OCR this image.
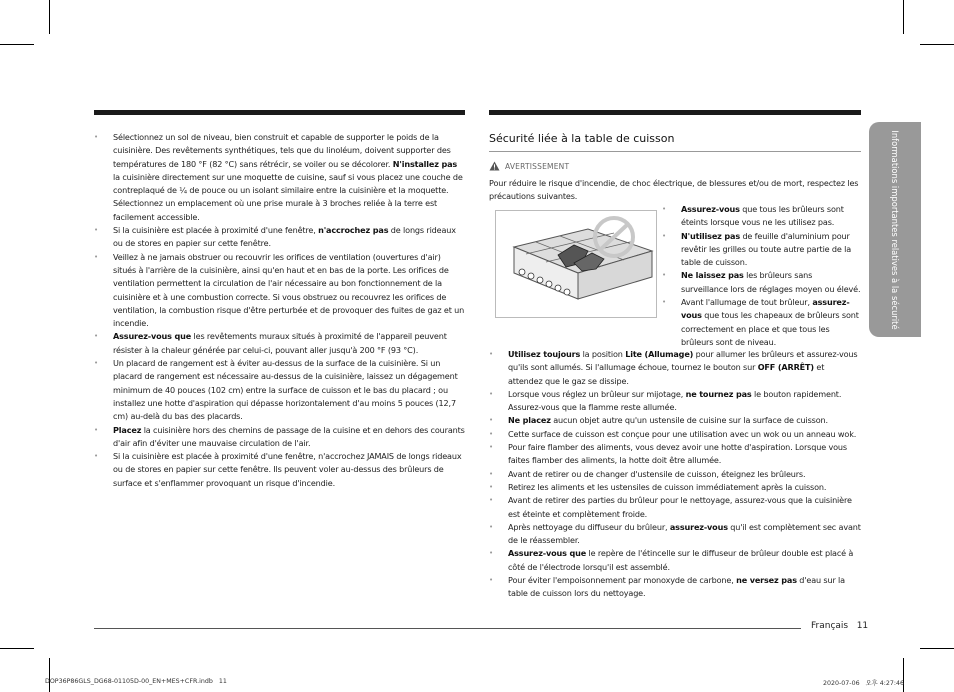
• Sélectionnez un sol de niveau, bien construit et capable de supporter le poids de la cuisinière. Des revêtements synthétiques, tels que du linoléum, doivent supporter des températures de 180 °F (82 °C) sans rétrécir, se voiler ou se décolorer. N'installez pas la cuisinière directement sur une moquette de cuisine, sauf si vous placez une couche de contreplaqué de ¼ de pouce ou un isolant similaire entre la cuisinière et la moquette. Sélectionnez un emplacement où une prise murale à 3 broches reliée à la terre est facilement accessible.
• Si la cuisinière est placée à proximité d'une fenêtre, n'accrochez pas de longs rideaux ou de stores en papier sur cette fenêtre.
• Veillez à ne jamais obstruer ou recouvrir les orifices de ventilation (ouvertures d'air) situés à l'arrière de la cuisinière, ainsi qu'en haut et en bas de la porte. Les orifices de ventilation permettent la circulation de l'air nécessaire au bon fonctionnement de la cuisinière et à une combustion correcte. Si vous obstruez ou recouvrez les orifices de ventilation, la combustion risque d'être perturbée et de provoquer des fuites de gaz et un incendie.
• Assurez-vous que les revêtements muraux situés à proximité de l'appareil peuvent résister à la chaleur générée par celui-ci, pouvant aller jusqu'à 200 °F (93 °C).
• Un placard de rangement est à éviter au-dessus de la surface de la cuisinière. Si un placard de rangement est nécessaire au-dessus de la cuisinière, laissez un dégagement minimum de 40 pouces (102 cm) entre la surface de cuisson et le bas du placard ; ou installez une hotte d'aspiration qui dépasse horizontalement d'au moins 5 pouces (12,7 cm) au-delà du bas des placards.
• Placez la cuisinière hors des chemins de passage de la cuisine et en dehors des courants d'air afin d'éviter une mauvaise circulation de l'air.
• Si la cuisinière est placée à proximité d'une fenêtre, n'accrochez JAMAIS de longs rideaux ou de stores en papier sur cette fenêtre. Ils peuvent voler au-dessus des brûleurs de surface et s'enflammer provoquant un risque d'incendie.
Sécurité liée à la table de cuisson
AVERTISSEMENT
Pour réduire le risque d'incendie, de choc électrique, de blessures et/ou de mort, respectez les précautions suivantes.
• Assurez-vous que tous les brûleurs sont éteints lorsque vous ne les utilisez pas.
• N'utilisez pas de feuille d'aluminium pour revêtir les grilles ou toute autre partie de la table de cuisson.
• Ne laissez pas les brûleurs sans surveillance lors de réglages moyen ou élevé.
• Avant l'allumage de tout brûleur, assurez-vous que tous les chapeaux de brûleurs sont correctement en place et que tous les brûleurs sont de niveau.
• Utilisez toujours la position Lite (Allumage) pour allumer les brûleurs et assurez-vous qu'ils sont allumés. Si l'allumage échoue, tournez le bouton sur OFF (ARRÊT) et attendez que le gaz se dissipe.
• Lorsque vous réglez un brûleur sur mijotage, ne tournez pas le bouton rapidement. Assurez-vous que la flamme reste allumée.
• Ne placez aucun objet autre qu'un ustensile de cuisine sur la surface de cuisson.
• Cette surface de cuisson est conçue pour une utilisation avec un wok ou un anneau wok.
• Pour faire flamber des aliments, vous devez avoir une hotte d'aspiration. Lorsque vous faites flamber des aliments, la hotte doit être allumée.
• Avant de retirer ou de changer d'ustensile de cuisson, éteignez les brûleurs.
• Retirez les aliments et les ustensiles de cuisson immédiatement après la cuisson.
• Avant de retirer des parties du brûleur pour le nettoyage, assurez-vous que la cuisinière est éteinte et complètement froide.
• Après nettoyage du diffuseur du brûleur, assurez-vous qu'il est complètement sec avant de le réassembler.
• Assurez-vous que le repère de l'étincelle sur le diffuseur de brûleur double est placé à côté de l'électrode lorsqu'il est assemblé.
• Pour éviter l'empoisonnement par monoxyde de carbone, ne versez pas d'eau sur la table de cuisson lors du nettoyage.
Informations importantes relatives à la sécurité
Français 11
DOP36P86GLS_DG68-01105D-00_EN+MES+CFR.indb   11	2020-07-06   오후 4:27:46
